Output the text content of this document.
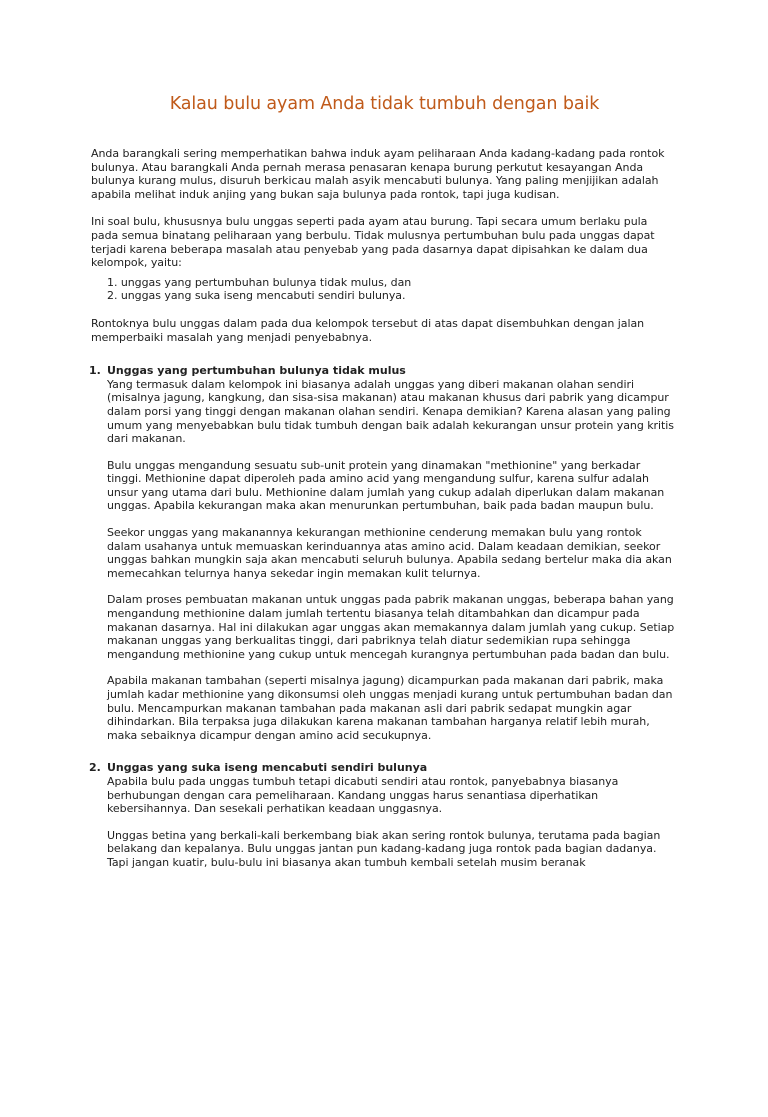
Kalau bulu ayam Anda tidak tumbuh dengan baik

Anda barangkali sering memperhatikan bahwa induk ayam peliharaan Anda kadang-kadang pada rontok bulunya. Atau barangkali Anda pernah merasa penasaran kenapa burung perkutut kesayangan Anda bulunya kurang mulus, disuruh berkicau malah asyik mencabuti bulunya. Yang paling menjijikan adalah apabila melihat induk anjing yang bukan saja bulunya pada rontok, tapi juga kudisan.

Ini soal bulu, khususnya bulu unggas seperti pada ayam atau burung. Tapi secara umum berlaku pula pada semua binatang peliharaan yang berbulu. Tidak mulusnya pertumbuhan bulu pada unggas dapat terjadi karena beberapa masalah atau penyebab yang pada dasarnya dapat dipisahkan ke dalam dua kelompok, yaitu:

1. unggas yang pertumbuhan bulunya tidak mulus, dan
2. unggas yang suka iseng mencabuti sendiri bulunya.

Rontoknya bulu unggas dalam pada dua kelompok tersebut di atas dapat disembuhkan dengan jalan memperbaiki masalah yang menjadi penyebabnya.

1. Unggas yang pertumbuhan bulunya tidak mulus

Yang termasuk dalam kelompok ini biasanya adalah unggas yang diberi makanan olahan sendiri (misalnya jagung, kangkung, dan sisa-sisa makanan) atau makanan khusus dari pabrik yang dicampur dalam porsi yang tinggi dengan makanan olahan sendiri. Kenapa demikian? Karena alasan yang paling umum yang menyebabkan bulu tidak tumbuh dengan baik adalah kekurangan unsur protein yang kritis dari makanan.

Bulu unggas mengandung sesuatu sub-unit protein yang dinamakan "methionine" yang berkadar tinggi. Methionine dapat diperoleh pada amino acid yang mengandung sulfur, karena sulfur adalah unsur yang utama dari bulu. Methionine dalam jumlah yang cukup adalah diperlukan dalam makanan unggas. Apabila kekurangan maka akan menurunkan pertumbuhan, baik pada badan maupun bulu.

Seekor unggas yang makanannya kekurangan methionine cenderung memakan bulu yang rontok dalam usahanya untuk memuaskan kerinduannya atas amino acid. Dalam keadaan demikian, seekor unggas bahkan mungkin saja akan mencabuti seluruh bulunya. Apabila sedang bertelur maka dia akan memecahkan telurnya hanya sekedar ingin memakan kulit telurnya.

Dalam proses pembuatan makanan untuk unggas pada pabrik makanan unggas, beberapa bahan yang mengandung methionine dalam jumlah tertentu biasanya telah ditambahkan dan dicampur pada makanan dasarnya. Hal ini dilakukan agar unggas akan memakannya dalam jumlah yang cukup. Setiap makanan unggas yang berkualitas tinggi, dari pabriknya telah diatur sedemikian rupa sehingga mengandung methionine yang cukup untuk mencegah kurangnya pertumbuhan pada badan dan bulu.

Apabila makanan tambahan (seperti misalnya jagung) dicampurkan pada makanan dari pabrik, maka jumlah kadar methionine yang dikonsumsi oleh unggas menjadi kurang untuk pertumbuhan badan dan bulu. Mencampurkan makanan tambahan pada makanan asli dari pabrik sedapat mungkin agar dihindarkan. Bila terpaksa juga dilakukan karena makanan tambahan harganya relatif lebih murah, maka sebaiknya dicampur dengan amino acid secukupnya.

2. Unggas yang suka iseng mencabuti sendiri bulunya

Apabila bulu pada unggas tumbuh tetapi dicabuti sendiri atau rontok, panyebabnya biasanya berhubungan dengan cara pemeliharaan. Kandang unggas harus senantiasa diperhatikan kebersihannya. Dan sesekali perhatikan keadaan unggasnya.

Unggas betina yang berkali-kali berkembang biak akan sering rontok bulunya, terutama pada bagian belakang dan kepalanya. Bulu unggas jantan pun kadang-kadang juga rontok pada bagian dadanya. Tapi jangan kuatir, bulu-bulu ini biasanya akan tumbuh kembali setelah musim beranak
